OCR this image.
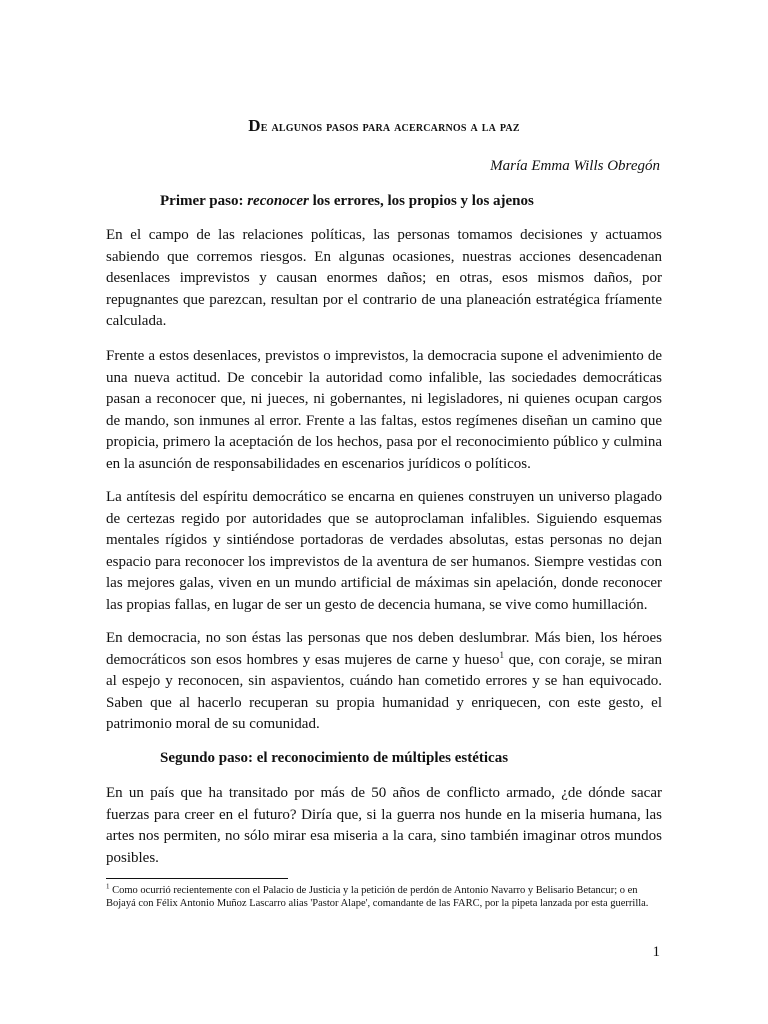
De algunos pasos para acercarnos a la paz
María Emma Wills Obregón
Primer paso: reconocer los errores, los propios y los ajenos

En el campo de las relaciones políticas, las personas tomamos decisiones y actuamos sabiendo que corremos riesgos. En algunas ocasiones, nuestras acciones desencadenan desenlaces imprevistos y causan enormes daños; en otras, esos mismos daños, por repugnantes que parezcan, resultan por el contrario de una planeación estratégica fríamente calculada.

Frente a estos desenlaces, previstos o imprevistos, la democracia supone el advenimiento de una nueva actitud. De concebir la autoridad como infalible, las sociedades democráticas pasan a reconocer que, ni jueces, ni gobernantes, ni legisladores, ni quienes ocupan cargos de mando, son inmunes al error. Frente a las faltas, estos regímenes diseñan un camino que propicia, primero la aceptación de los hechos, pasa por el reconocimiento público y culmina en la asunción de responsabilidades en escenarios jurídicos o políticos.

La antítesis del espíritu democrático se encarna en quienes construyen un universo plagado de certezas regido por autoridades que se autoproclaman infalibles. Siguiendo esquemas mentales rígidos y sintiéndose portadoras de verdades absolutas, estas personas no dejan espacio para reconocer los imprevistos de la aventura de ser humanos. Siempre vestidas con las mejores galas, viven en un mundo artificial de máximas sin apelación, donde reconocer las propias fallas, en lugar de ser un gesto de decencia humana, se vive como humillación.

En democracia, no son éstas las personas que nos deben deslumbrar. Más bien, los héroes democráticos son esos hombres y esas mujeres de carne y hueso$^1$ que, con coraje, se miran al espejo y reconocen, sin aspavientos, cuándo han cometido errores y se han equivocado. Saben que al hacerlo recuperan su propia humanidad y enriquecen, con este gesto, el patrimonio moral de su comunidad.

Segundo paso: el reconocimiento de múltiples estéticas

En un país que ha transitado por más de 50 años de conflicto armado, ¿de dónde sacar fuerzas para creer en el futuro? Diría que, si la guerra nos hunde en la miseria humana, las artes nos permiten, no sólo mirar esa miseria a la cara, sino también imaginar otros mundos posibles.

$^1$ Como ocurrió recientemente con el Palacio de Justicia y la petición de perdón de Antonio Navarro y Belisario Betancur; o en Bojayá con Félix Antonio Muñoz Lascarro alias 'Pastor Alape', comandante de las FARC, por la pipeta lanzada por esta guerrilla.
1
